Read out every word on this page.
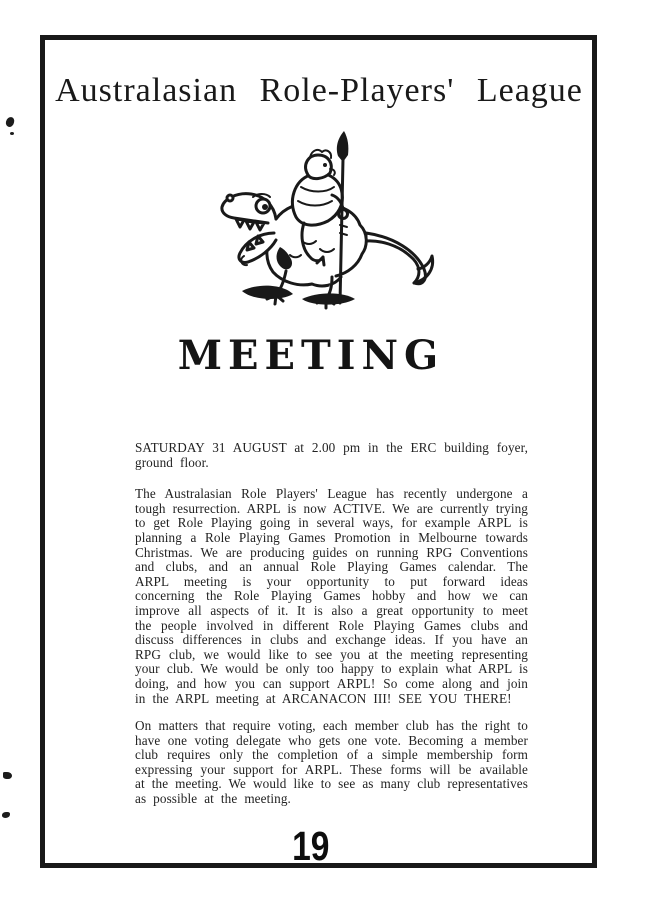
Australasian Role-Players' League
MEETING

SATURDAY 31 AUGUST at 2.00 pm in the ERC building foyer, ground floor.

The Australasian Role Players' League has recently undergone a tough resurrection. ARPL is now ACTIVE. We are currently trying to get Role Playing going in several ways, for example ARPL is planning a Role Playing Games Promotion in Melbourne towards Christmas. We are producing guides on running RPG Conventions and clubs, and an annual Role Playing Games calendar. The ARPL meeting is your opportunity to put forward ideas concerning the Role Playing Games hobby and how we can improve all aspects of it. It is also a great opportunity to meet the people involved in different Role Playing Games clubs and discuss differences in clubs and exchange ideas. If you have an RPG club, we would like to see you at the meeting representing your club. We would be only too happy to explain what ARPL is doing, and how you can support ARPL! So come along and join in the ARPL meeting at ARCANACON III! SEE YOU THERE!

On matters that require voting, each member club has the right to have one voting delegate who gets one vote. Becoming a member club requires only the completion of a simple membership form expressing your support for ARPL. These forms will be available at the meeting. We would like to see as many club representatives as possible at the meeting.

19
